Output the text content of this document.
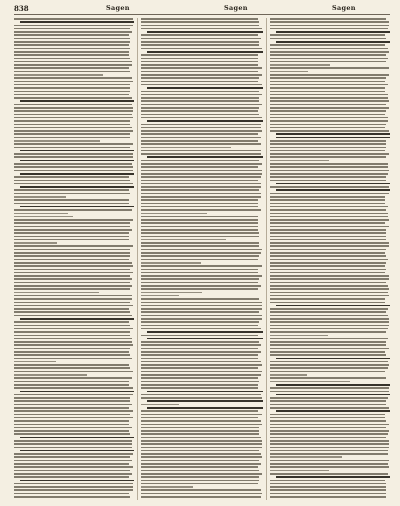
838	Sagen	Sagen	Sagen
